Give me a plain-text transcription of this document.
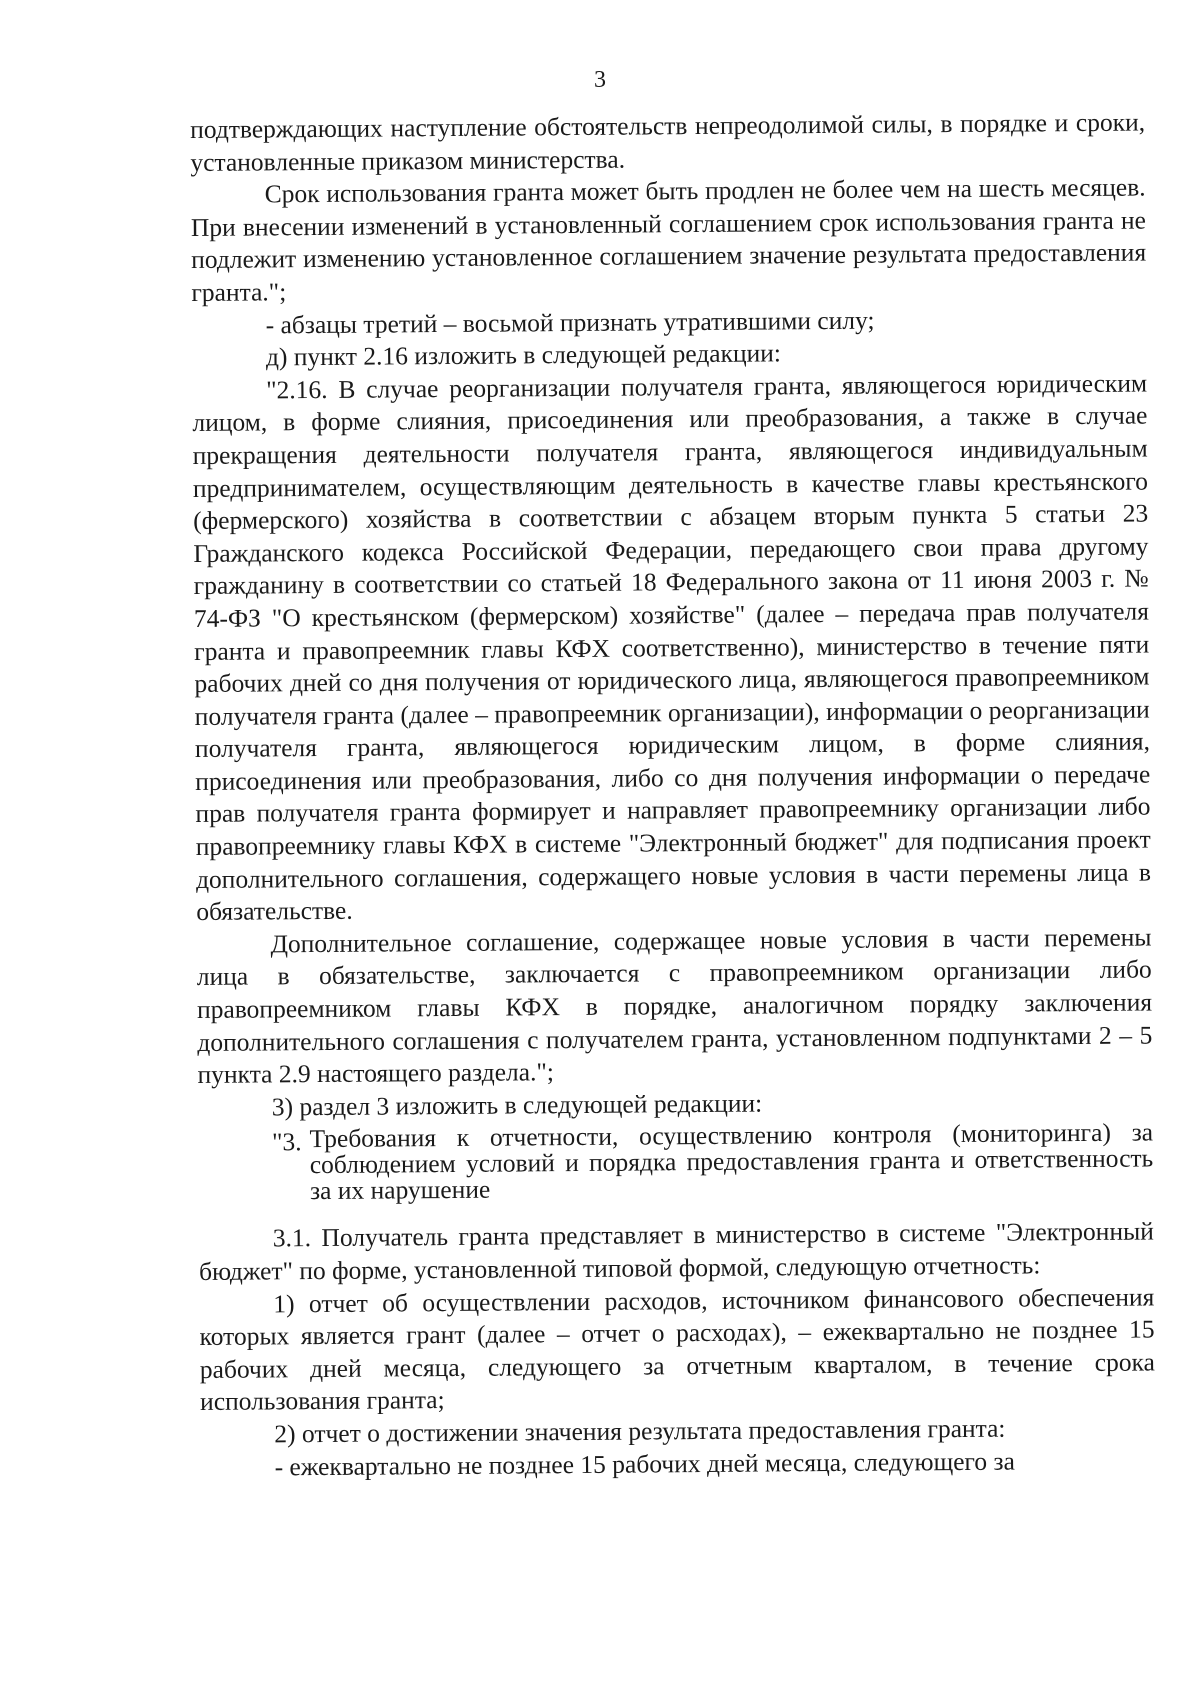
3

подтверждающих наступление обстоятельств непреодолимой силы, в порядке и сроки, установленные приказом министерства.

Срок использования гранта может быть продлен не более чем на шесть месяцев. При внесении изменений в установленный соглашением срок использования гранта не подлежит изменению установленное соглашением значение результата предоставления гранта.";

- абзацы третий – восьмой признать утратившими силу;

д) пункт 2.16 изложить в следующей редакции:

"2.16. В случае реорганизации получателя гранта, являющегося юридическим лицом, в форме слияния, присоединения или преобразования, а также в случае прекращения деятельности получателя гранта, являющегося индивидуальным предпринимателем, осуществляющим деятельность в качестве главы крестьянского (фермерского) хозяйства в соответствии с абзацем вторым пункта 5 статьи 23 Гражданского кодекса Российской Федерации, передающего свои права другому гражданину в соответствии со статьей 18 Федерального закона от 11 июня 2003 г. № 74-ФЗ "О крестьянском (фермерском) хозяйстве" (далее – передача прав получателя гранта и правопреемник главы КФХ соответственно), министерство в течение пяти рабочих дней со дня получения от юридического лица, являющегося правопреемником получателя гранта (далее – правопреемник организации), информации о реорганизации получателя гранта, являющегося юридическим лицом, в форме слияния, присоединения или преобразования, либо со дня получения информации о передаче прав получателя гранта формирует и направляет правопреемнику организации либо правопреемнику главы КФХ в системе "Электронный бюджет" для подписания проект дополнительного соглашения, содержащего новые условия в части перемены лица в обязательстве.

Дополнительное соглашение, содержащее новые условия в части перемены лица в обязательстве, заключается с правопреемником организации либо правопреемником главы КФХ в порядке, аналогичном порядку заключения дополнительного соглашения с получателем гранта, установленном подпунктами 2 – 5 пункта 2.9 настоящего раздела.";

3) раздел 3 изложить в следующей редакции:

"3. Требования к отчетности, осуществлению контроля (мониторинга) за соблюдением условий и порядка предоставления гранта и ответственность за их нарушение

3.1. Получатель гранта представляет в министерство в системе "Электронный бюджет" по форме, установленной типовой формой, следующую отчетность:

1) отчет об осуществлении расходов, источником финансового обеспечения которых является грант (далее – отчет о расходах), – ежеквартально не позднее 15 рабочих дней месяца, следующего за отчетным кварталом, в течение срока использования гранта;

2) отчет о достижении значения результата предоставления гранта:

- ежеквартально не позднее 15 рабочих дней месяца, следующего за
